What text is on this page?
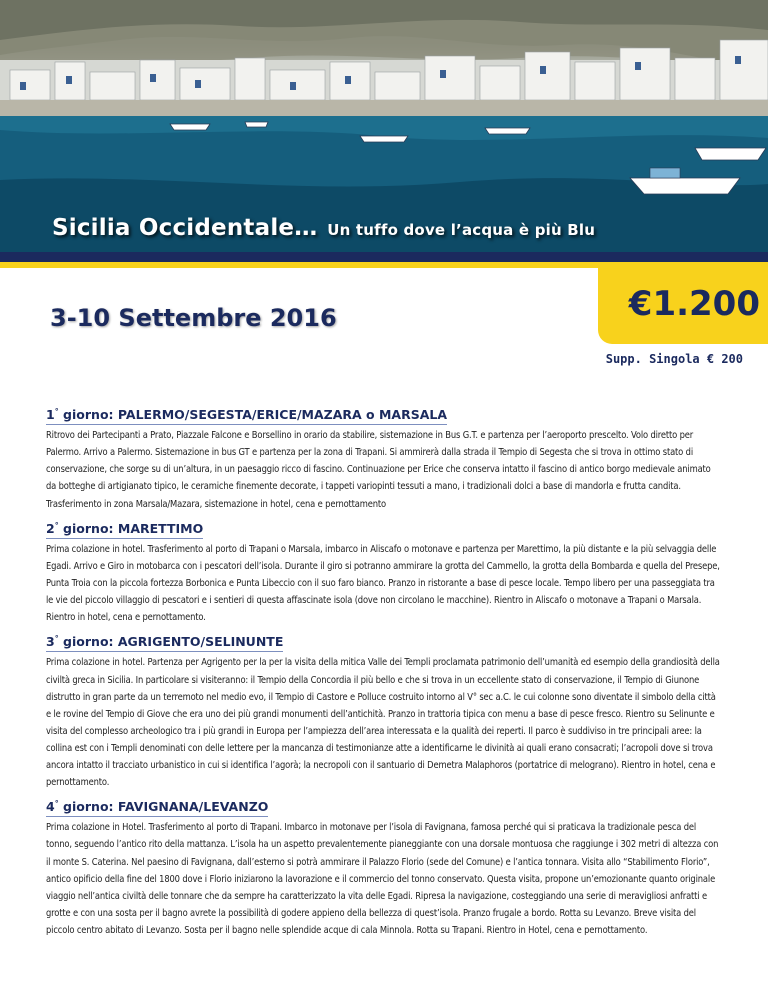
Sicilia Occidentale… Un tuffo dove l’acqua è più Blu
€1.200
3-10 Settembre 2016
Supp. Singola € 200
1° giorno: PALERMO/SEGESTA/ERICE/MAZARA o MARSALA

Ritrovo dei Partecipanti a Prato, Piazzale Falcone e Borsellino in orario da stabilire, sistemazione in Bus G.T. e partenza per l’aeroporto prescelto. Volo diretto per Palermo. Arrivo a Palermo. Sistemazione in bus GT e partenza per la zona di Trapani. Si ammirerà dalla strada il Tempio di Segesta che si trova in ottimo stato di conservazione, che sorge su di un’altura, in un paesaggio ricco di fascino. Continuazione per Erice che conserva intatto il fascino di antico borgo medievale animato da botteghe di artigianato tipico, le ceramiche finemente decorate, i tappeti variopinti tessuti a mano, i tradizionali dolci a base di mandorla e frutta candita. Trasferimento in zona Marsala/Mazara, sistemazione in hotel, cena e pernottamento

2° giorno: MARETTIMO

Prima colazione in hotel. Trasferimento al porto di Trapani o Marsala, imbarco in Aliscafo o motonave e partenza per Marettimo, la più distante e la più selvaggia delle Egadi. Arrivo e Giro in motobarca con i pescatori dell’isola. Durante il giro si potranno ammirare la grotta del Cammello, la grotta della Bombarda e quella del Presepe, Punta Troia con la piccola fortezza Borbonica e Punta Libeccio con il suo faro bianco. Pranzo in ristorante a base di pesce locale. Tempo libero per una passeggiata tra le vie del piccolo villaggio di pescatori e i sentieri di questa affascinate isola (dove non circolano le macchine). Rientro in Aliscafo o motonave a Trapani o Marsala. Rientro in hotel, cena e pernottamento.

3° giorno: AGRIGENTO/SELINUNTE

Prima colazione in hotel. Partenza per Agrigento per la per la visita della mitica Valle dei Templi proclamata patrimonio dell’umanità ed esempio della grandiosità della civiltà greca in Sicilia. In particolare si visiteranno: il Tempio della Concordia il più bello e che si trova in un eccellente stato di conservazione, il Tempio di Giunone distrutto in gran parte da un terremoto nel medio evo, il Tempio di Castore e Polluce costruito intorno al V° sec a.C. le cui colonne sono diventate il simbolo della città e le rovine del Tempio di Giove che era uno dei più grandi monumenti dell’antichità. Pranzo in trattoria tipica con menu a base di pesce fresco. Rientro su Selinunte e visita del complesso archeologico tra i più grandi in Europa per l’ampiezza dell’area interessata e la qualità dei reperti. Il parco è suddiviso in tre principali aree: la collina est con i Templi denominati con delle lettere per la mancanza di testimonianze atte a identificarne le divinità ai quali erano consacrati; l’acropoli dove si trova ancora intatto il tracciato urbanistico in cui si identifica l’agorà; la necropoli con il santuario di Demetra Malaphoros (portatrice di melograno). Rientro in hotel, cena e pernottamento.

4° giorno: FAVIGNANA/LEVANZO

Prima colazione in Hotel. Trasferimento al porto di Trapani. Imbarco in motonave per l’isola di Favignana, famosa perché qui si praticava la tradizionale pesca del tonno, seguendo l’antico rito della mattanza. L’isola ha un aspetto prevalentemente pianeggiante con una dorsale montuosa che raggiunge i 302 metri di altezza con il monte S. Caterina. Nel paesino di Favignana, dall’esterno si potrà ammirare il Palazzo Florio (sede del Comune) e l’antica tonnara. Visita allo “Stabilimento Florio”, antico opificio della fine del 1800 dove i Florio iniziarono la lavorazione e il commercio del tonno conservato. Questa visita, propone un’emozionante quanto originale viaggio nell’antica civiltà delle tonnare che da sempre ha caratterizzato la vita delle Egadi. Ripresa la navigazione, costeggiando una serie di meravigliosi anfratti e grotte e con una sosta per il bagno avrete la possibilità di godere appieno della bellezza di quest’isola. Pranzo frugale a bordo. Rotta su Levanzo. Breve visita del piccolo centro abitato di Levanzo. Sosta per il bagno nelle splendide acque di cala Minnola. Rotta su Trapani. Rientro in Hotel, cena e pernottamento.
